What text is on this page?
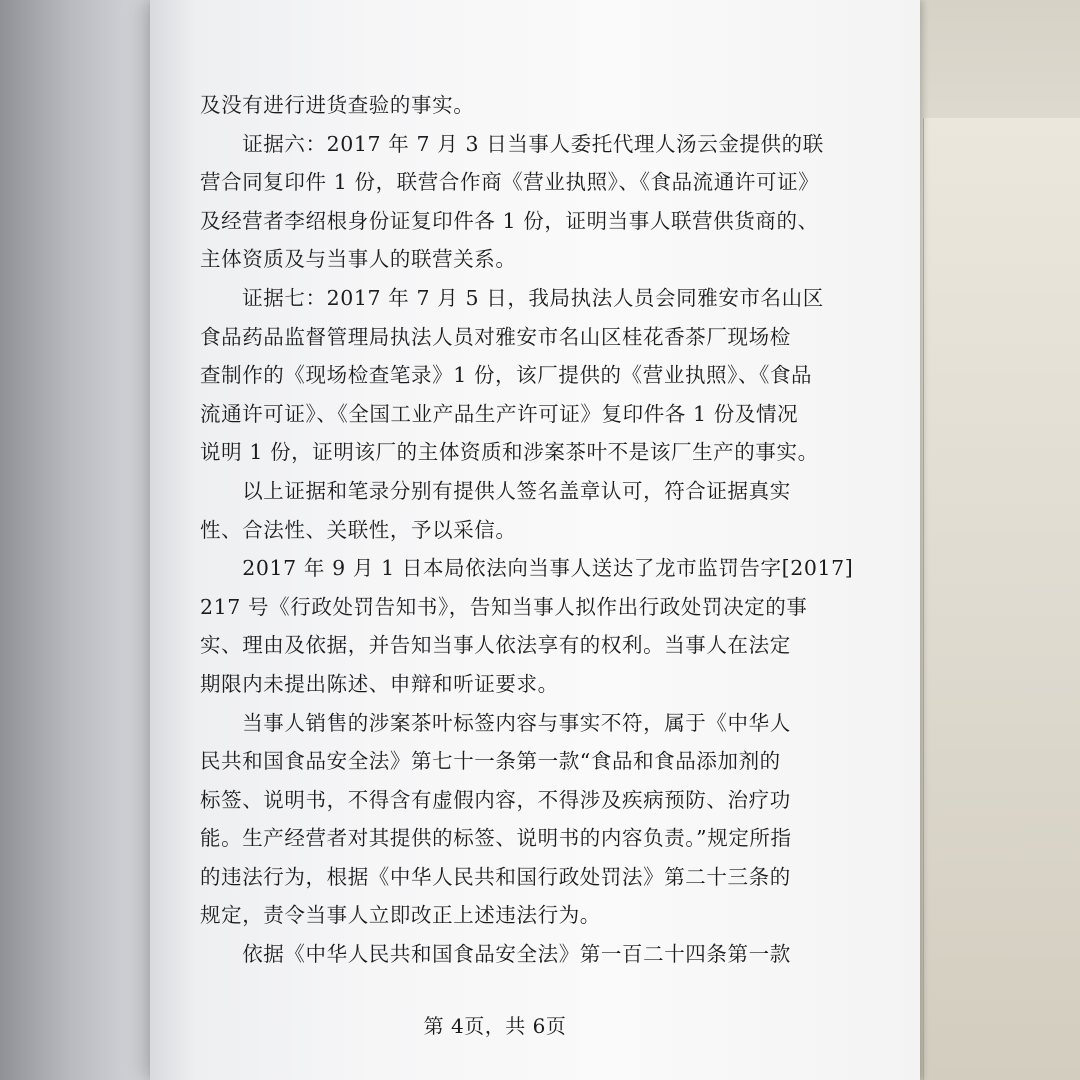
及没有进行进货查验的事实。
　　证据六：2017 年 7 月 3 日当事人委托代理人汤云金提供的联
营合同复印件 1 份，联营合作商《营业执照》、《食品流通许可证》
及经营者李绍根身份证复印件各 1 份，证明当事人联营供货商的、
主体资质及与当事人的联营关系。
　　证据七：2017 年 7 月 5 日，我局执法人员会同雅安市名山区
食品药品监督管理局执法人员对雅安市名山区桂花香茶厂现场检
查制作的《现场检查笔录》1 份，该厂提供的《营业执照》、《食品
流通许可证》、《全国工业产品生产许可证》复印件各 1 份及情况
说明 1 份，证明该厂的主体资质和涉案茶叶不是该厂生产的事实。
　　以上证据和笔录分别有提供人签名盖章认可，符合证据真实
性、合法性、关联性，予以采信。
　　2017 年 9 月 1 日本局依法向当事人送达了龙市监罚告字[2017]
217 号《行政处罚告知书》，告知当事人拟作出行政处罚决定的事
实、理由及依据，并告知当事人依法享有的权利。当事人在法定
期限内未提出陈述、申辩和听证要求。
　　当事人销售的涉案茶叶标签内容与事实不符，属于《中华人
民共和国食品安全法》第七十一条第一款“食品和食品添加剂的
标签、说明书，不得含有虚假内容，不得涉及疾病预防、治疗功
能。生产经营者对其提供的标签、说明书的内容负责。”规定所指
的违法行为，根据《中华人民共和国行政处罚法》第二十三条的
规定，责令当事人立即改正上述违法行为。
　　依据《中华人民共和国食品安全法》第一百二十四条第一款
第 4页，共 6页
